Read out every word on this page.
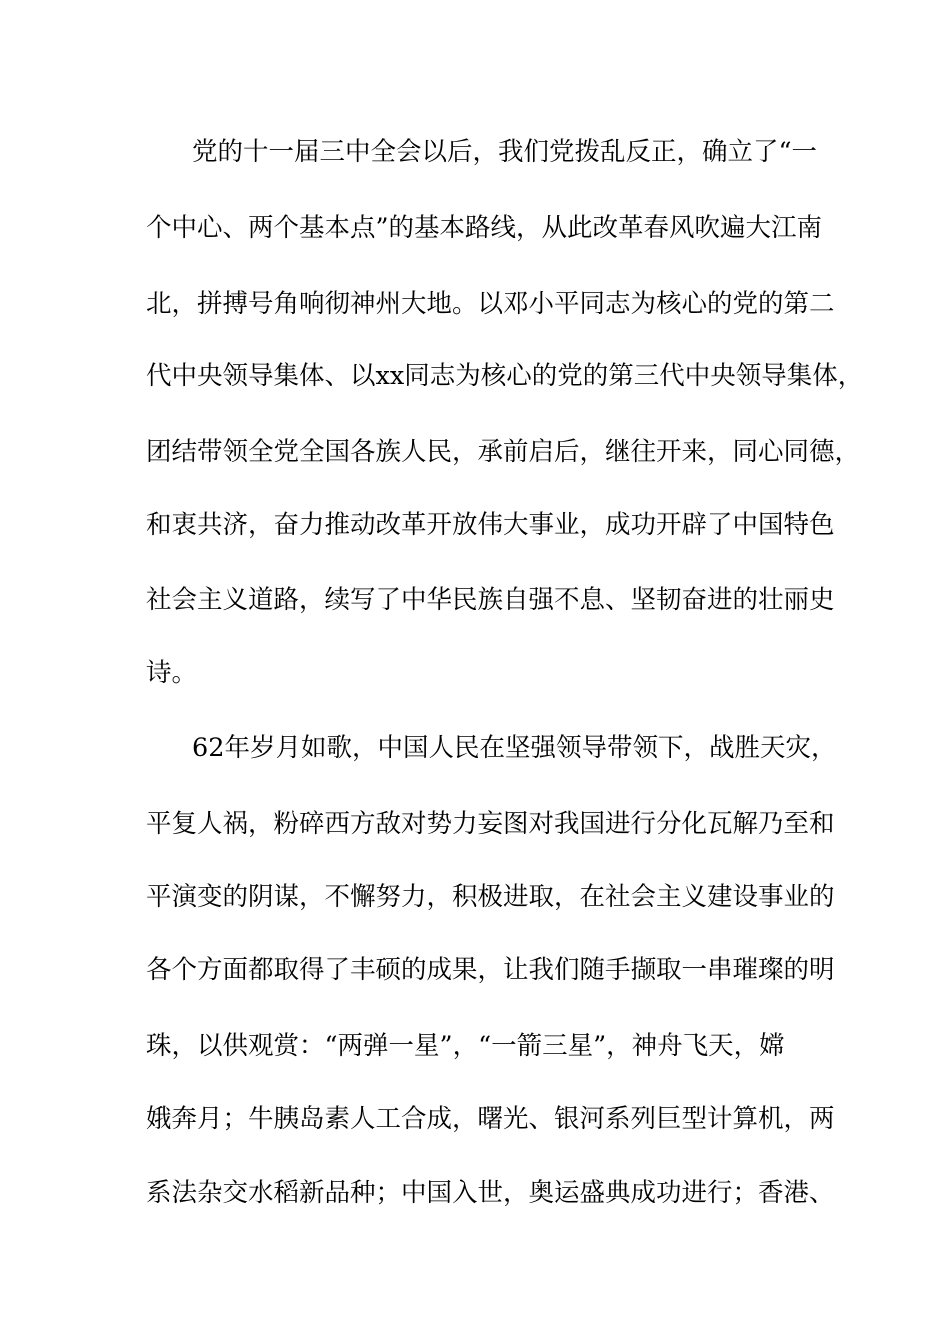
党的十一届三中全会以后，我们党拨乱反正，确立了“一
个中心、两个基本点”的基本路线，从此改革春风吹遍大江南
北，拼搏号角响彻神州大地。以邓小平同志为核心的党的第二
代中央领导集体、以xx同志为核心的党的第三代中央领导集体，
团结带领全党全国各族人民，承前启后，继往开来，同心同德，
和衷共济，奋力推动改革开放伟大事业，成功开辟了中国特色
社会主义道路，续写了中华民族自强不息、坚韧奋进的壮丽史
诗。
62年岁月如歌，中国人民在坚强领导带领下，战胜天灾，
平复人祸，粉碎西方敌对势力妄图对我国进行分化瓦解乃至和
平演变的阴谋，不懈努力，积极进取，在社会主义建设事业的
各个方面都取得了丰硕的成果，让我们随手撷取一串璀璨的明
珠，以供观赏：“两弹一星”，“一箭三星”，神舟飞天，嫦
娥奔月；牛胰岛素人工合成，曙光、银河系列巨型计算机，两
系法杂交水稻新品种；中国入世，奥运盛典成功进行；香港、
